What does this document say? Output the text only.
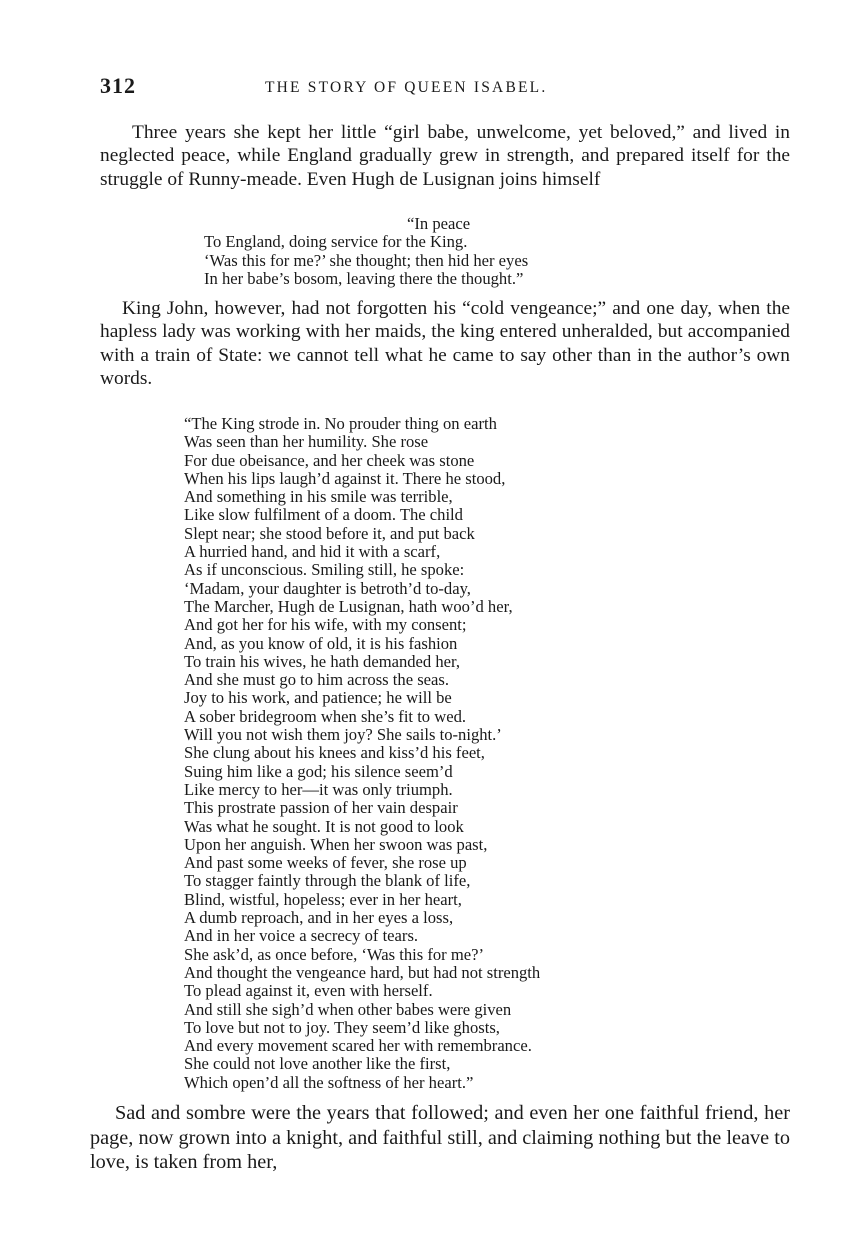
312	THE STORY OF QUEEN ISABEL.

Three years she kept her little “girl babe, unwelcome, yet beloved,” and lived in neglected peace, while England gradually grew in strength, and prepared itself for the struggle of Runny-meade. Even Hugh de Lusignan joins himself

“In peace
To England, doing service for the King.
‘Was this for me?’ she thought; then hid her eyes
In her babe’s bosom, leaving there the thought.”

King John, however, had not forgotten his “cold vengeance;” and one day, when the hapless lady was working with her maids, the king entered unheralded, but accompanied with a train of State: we cannot tell what he came to say other than in the author’s own words.

“The King strode in. No prouder thing on earth
Was seen than her humility. She rose
For due obeisance, and her cheek was stone
When his lips laugh’d against it. There he stood,
And something in his smile was terrible,
Like slow fulfilment of a doom. The child
Slept near; she stood before it, and put back
A hurried hand, and hid it with a scarf,
As if unconscious. Smiling still, he spoke:
‘Madam, your daughter is betroth’d to-day,
The Marcher, Hugh de Lusignan, hath woo’d her,
And got her for his wife, with my consent;
And, as you know of old, it is his fashion
To train his wives, he hath demanded her,
And she must go to him across the seas.
Joy to his work, and patience; he will be
A sober bridegroom when she’s fit to wed.
Will you not wish them joy? She sails to-night.’
She clung about his knees and kiss’d his feet,
Suing him like a god; his silence seem’d
Like mercy to her—it was only triumph.
This prostrate passion of her vain despair
Was what he sought. It is not good to look
Upon her anguish. When her swoon was past,
And past some weeks of fever, she rose up
To stagger faintly through the blank of life,
Blind, wistful, hopeless; ever in her heart,
A dumb reproach, and in her eyes a loss,
And in her voice a secrecy of tears.
She ask’d, as once before, ‘Was this for me?’
And thought the vengeance hard, but had not strength
To plead against it, even with herself.
And still she sigh’d when other babes were given
To love but not to joy. They seem’d like ghosts,
And every movement scared her with remembrance.
She could not love another like the first,
Which open’d all the softness of her heart.”

Sad and sombre were the years that followed; and even her one faithful friend, her page, now grown into a knight, and faithful still, and claiming nothing but the leave to love, is taken from her,
